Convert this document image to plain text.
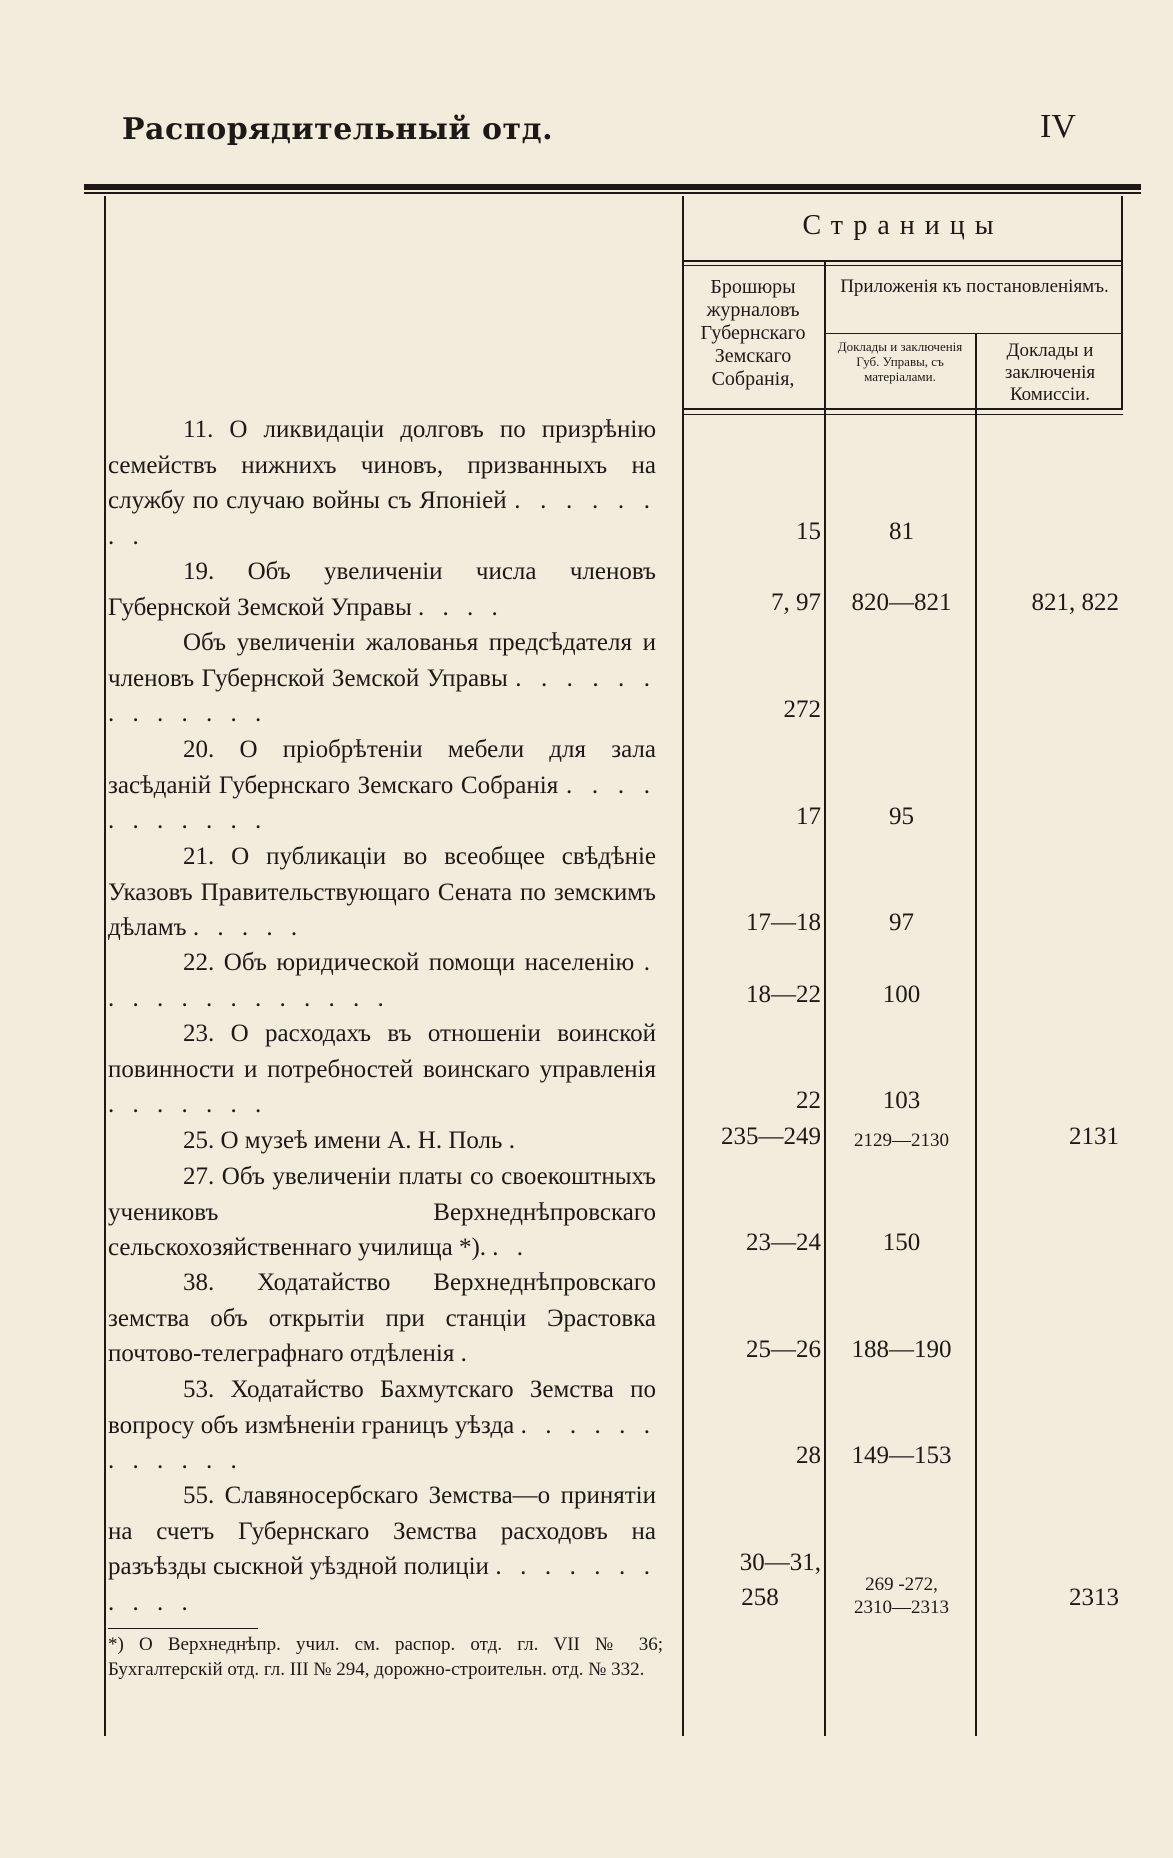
Распорядительный отд.	IV
Страницы
Брошюры журналовъ Губернскаго Земскаго Собранія,
Приложенія къ постановленіямъ.
Доклады и заключенія Губ. Управы, съ матеріалами.
Доклады и заключенія Комиссіи.

11. О ликвидаціи долговъ по призрѣнію семействъ нижнихъ чиновъ, призванныхъ на службу по случаю войны съ Японіей . . . . . . . .

19. Объ увеличеніи числа членовъ Губернской Земской Управы . . . .

Объ увеличеніи жалованья предсѣдателя и членовъ Губернской Земской Управы . . . . . . . . . . . . .

20. О пріобрѣтеніи мебели для зала засѣданій Губернскаго Земскаго Собранія . . . . . . . . . . .

21. О публикаціи во всеобщее свѣдѣніе Указовъ Правительствующаго Сената по земскимъ дѣламъ . . . . .

22. Объ юридической помощи населенію . . . . . . . . . . . . .

23. О расходахъ въ отношеніи воинской повинности и потребностей воинскаго управленія . . . . . . .

25. О музеѣ имени А. Н. Поль .

27. Объ увеличеніи платы со своекоштныхъ учениковъ Верхнеднѣпровскаго сельскохозяйственнаго училища *). . .

38. Ходатайство Верхнеднѣпровскаго земства объ открытіи при станціи Эрастовка почтово-телеграфнаго отдѣленія .

53. Ходатайство Бахмутскаго Земства по вопросу объ измѣненіи границъ уѣзда . . . . . . . . . . . .

55. Славяносербскаго Земства—о принятіи на счетъ Губернскаго Земства расходовъ на разъѣзды сыскной уѣздной полиціи . . . . . . . . . . .

15
7, 97
272
17
17—18
18—22
22
235—249
23—24
25—26
28
30—31,
258
81
820—821
95
97
100
103
2129—2130
150
188—190
149—153
269 -272,
2310—2313
821, 822
2131
2313
*) О Верхнеднѣпр. учил. см. распор. отд. гл. VII № 36; Бухгалтерскій отд. гл. III № 294, дорожно-строительн. отд. № 332.
